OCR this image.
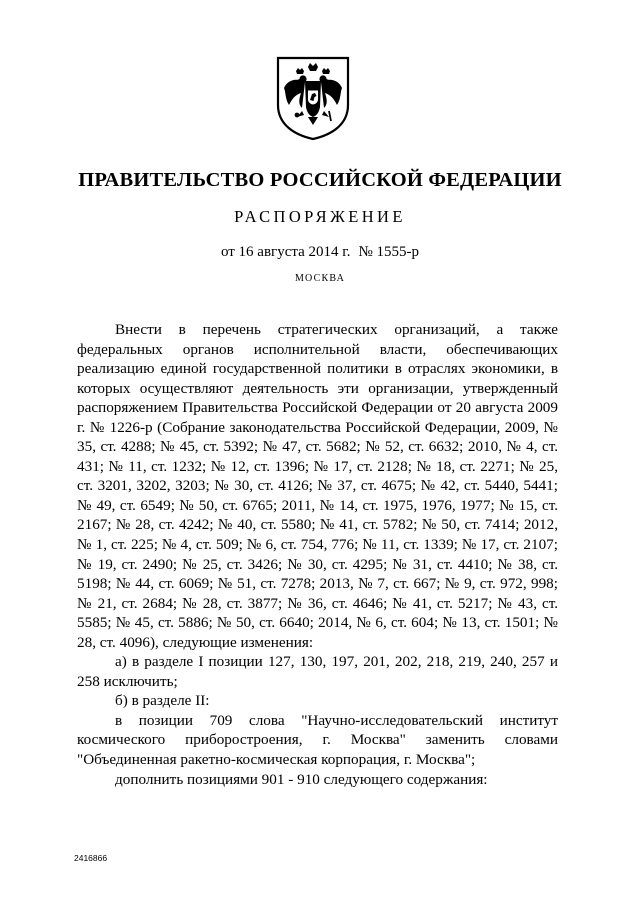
ПРАВИТЕЛЬСТВО РОССИЙСКОЙ ФЕДЕРАЦИИ
РАСПОРЯЖЕНИЕ
от 16 августа 2014 г. № 1555-р
МОСКВА

Внести в перечень стратегических организаций, а также федеральных органов исполнительной власти, обеспечивающих реализацию единой государственной политики в отраслях экономики, в которых осуществляют деятельность эти организации, утвержденный распоряжением Правительства Российской Федерации от 20 августа 2009 г. № 1226-р (Собрание законодательства Российской Федерации, 2009, № 35, ст. 4288; № 45, ст. 5392; № 47, ст. 5682; № 52, ст. 6632; 2010, № 4, ст. 431; № 11, ст. 1232; № 12, ст. 1396; № 17, ст. 2128; № 18, ст. 2271; № 25, ст. 3201, 3202, 3203; № 30, ст. 4126; № 37, ст. 4675; № 42, ст. 5440, 5441; № 49, ст. 6549; № 50, ст. 6765; 2011, № 14, ст. 1975, 1976, 1977; № 15, ст. 2167; № 28, ст. 4242; № 40, ст. 5580; № 41, ст. 5782; № 50, ст. 7414; 2012, № 1, ст. 225; № 4, ст. 509; № 6, ст. 754, 776; № 11, ст. 1339; № 17, ст. 2107; № 19, ст. 2490; № 25, ст. 3426; № 30, ст. 4295; № 31, ст. 4410; № 38, ст. 5198; № 44, ст. 6069; № 51, ст. 7278; 2013, № 7, ст. 667; № 9, ст. 972, 998; № 21, ст. 2684; № 28, ст. 3877; № 36, ст. 4646; № 41, ст. 5217; № 43, ст. 5585; № 45, ст. 5886; № 50, ст. 6640; 2014, № 6, ст. 604; № 13, ст. 1501; № 28, ст. 4096), следующие изменения:

а) в разделе I позиции 127, 130, 197, 201, 202, 218, 219, 240, 257 и 258 исключить;

б) в разделе II:

в позиции 709 слова "Научно-исследовательский институт космического приборостроения, г. Москва" заменить словами "Объединенная ракетно-космическая корпорация, г. Москва";

дополнить позициями 901 - 910 следующего содержания:

2416866
